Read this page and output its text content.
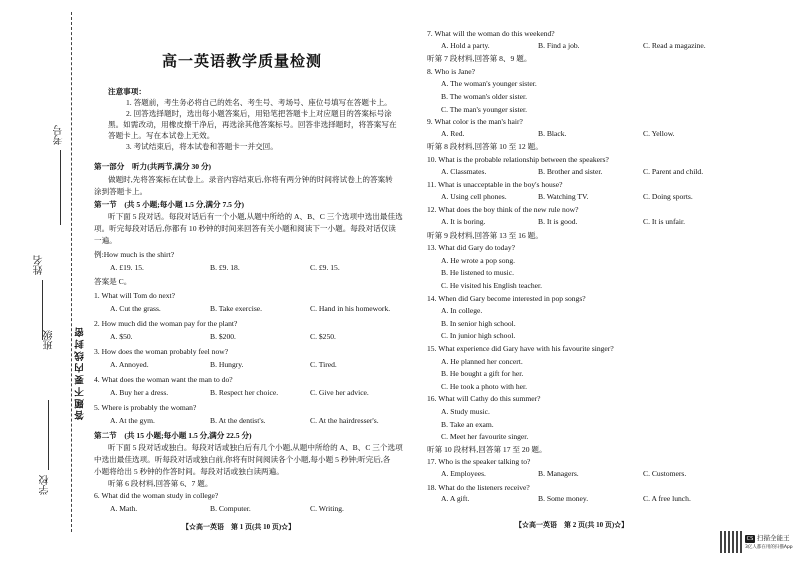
考号
姓名
班级
学校
答 题 不 要 内 线 封 密
高一英语教学质量检测
注意事项：
1. 答题前，考生务必将自己的姓名、考生号、考场号、座位号填写在答题卡上。
2. 回答选择题时，选出每小题答案后，用铅笔把答题卡上对应题目的答案标号涂
黑。如需改动，用橡皮擦干净后，再选涂其他答案标号。回答非选择题时，将答案写在
答题卡上。写在本试卷上无效。
3. 考试结束后，将本试卷和答题卡一并交回。
第一部分　听力(共两节,满分 30 分)
做题时,先将答案标在试卷上。录音内容结束后,你将有两分钟的时间将试卷上的答案转
涂到答题卡上。
第一节　(共 5 小题;每小题 1.5 分,满分 7.5 分)
听下面 5 段对话。每段对话后有一个小题,从题中所给的 A、B、C 三个选项中选出最佳选
项。听完每段对话后,你都有 10 秒钟的时间来回答有关小题和阅读下一小题。每段对话仅读
一遍。
例:How much is the shirt?
A. £19. 15.	B. £9. 18.	C. £9. 15.
答案是 C。
1. What will Tom do next?
A. Cut the grass.	B. Take exercise.	C. Hand in his homework.
2. How much did the woman pay for the plant?
A. $50.	B. $200.	C. $250.
3. How does the woman probably feel now?
A. Annoyed.	B. Hungry.	C. Tired.
4. What does the woman want the man to do?
A. Buy her a dress.	B. Respect her choice.	C. Give her advice.
5. Where is probably the woman?
A. At the gym.	B. At the dentist's.	C. At the hairdresser's.
第二节　(共 15 小题;每小题 1.5 分,满分 22.5 分)
听下面 5 段对话或独白。每段对话或独白后有几个小题,从题中所给的 A、B、C 三个选项
中选出最佳选项。听每段对话或独白前,你将有时间阅读各个小题,每小题 5 秒钟;听完后,各
小题将给出 5 秒钟的作答时间。每段对话或独白读两遍。
听第 6 段材料,回答第 6、7 题。
6. What did the woman study in college?
A. Math.	B. Computer.	C. Writing.
【☆高一英语　第 1 页(共 10 页)☆】	【☆高一英语　第 2 页(共 10 页)☆】
7. What will the woman do this weekend?
A. Hold a party.	B. Find a job.	C. Read a magazine.
听第 7 段材料,回答第 8、9 题。
8. Who is Jane?
A. The woman's younger sister.
B. The woman's older sister.
C. The man's younger sister.
9. What color is the man's hair?
A. Red.	B. Black.	C. Yellow.
听第 8 段材料,回答第 10 至 12 题。
10. What is the probable relationship between the speakers?
A. Classmates.	B. Brother and sister.	C. Parent and child.
11. What is unacceptable in the boy's house?
A. Using cell phones.	B. Watching TV.	C. Doing sports.
12. What does the boy think of the new rule now?
A. It is boring.	B. It is good.	C. It is unfair.
听第 9 段材料,回答第 13 至 16 题。
13. What did Gary do today?
A. He wrote a pop song.
B. He listened to music.
C. He visited his English teacher.
14. When did Gary become interested in pop songs?
A. In college.
B. In senior high school.
C. In junior high school.
15. What experience did Gary have with his favourite singer?
A. He planned her concert.
B. He bought a gift for her.
C. He took a photo with her.
16. What will Cathy do this summer?
A. Study music.
B. Take an exam.
C. Meet her favourite singer.
听第 10 段材料,回答第 17 至 20 题。
17. Who is the speaker talking to?
A. Employees.	B. Managers.	C. Customers.
18. What do the listeners receive?
A. A gift.	B. Some money.	C. A free lunch.
CS 扫描全能王
3亿人都在用的扫描App
